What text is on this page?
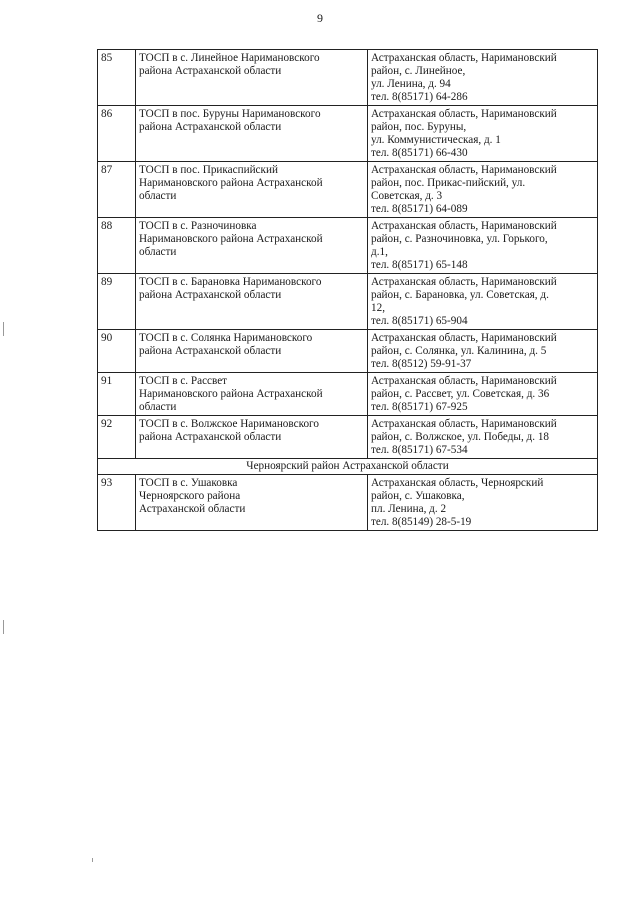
9
85	ТОСП в с. Линейное Наримановского
района Астраханской области	Астраханская область, Наримановский
район, с. Линейное,
ул. Ленина, д. 94
тел. 8(85171) 64-286
86	ТОСП в пос. Буруны Наримановского
района Астраханской области	Астраханская область, Наримановский
район, пос. Буруны,
ул. Коммунистическая, д. 1
тел. 8(85171) 66-430
87	ТОСП в пос. Прикаспийский
Наримановского района Астраханской
области	Астраханская область, Наримановский
район, пос. Прикас-пийский, ул.
Советская, д. 3
тел. 8(85171) 64-089
88	ТОСП в с. Разночиновка
Наримановского района Астраханской
области	Астраханская область, Наримановский
район, с. Разночиновка, ул. Горького,
д.1,
тел. 8(85171) 65-148
89	ТОСП в с. Барановка Наримановского
района Астраханской области	Астраханская область, Наримановский
район, с. Барановка, ул. Советская, д.
12,
тел. 8(85171) 65-904
90	ТОСП в с. Солянка Наримановского
района Астраханской области	Астраханская область, Наримановский
район, с. Солянка, ул. Калинина, д. 5
тел. 8(8512) 59-91-37
91	ТОСП в с. Рассвет
Наримановского района Астраханской
области	Астраханская область, Наримановский
район, с. Рассвет, ул. Советская, д. 36
тел. 8(85171) 67-925
92	ТОСП в с. Волжское Наримановского
района Астраханской области	Астраханская область, Наримановский
район, с. Волжское, ул. Победы, д. 18
тел. 8(85171) 67-534
Черноярский район Астраханской области		
93	ТОСП в с. Ушаковка
Черноярского района
Астраханской области	Астраханская область, Черноярский
район, с. Ушаковка,
пл. Ленина, д. 2
тел. 8(85149) 28-5-19
